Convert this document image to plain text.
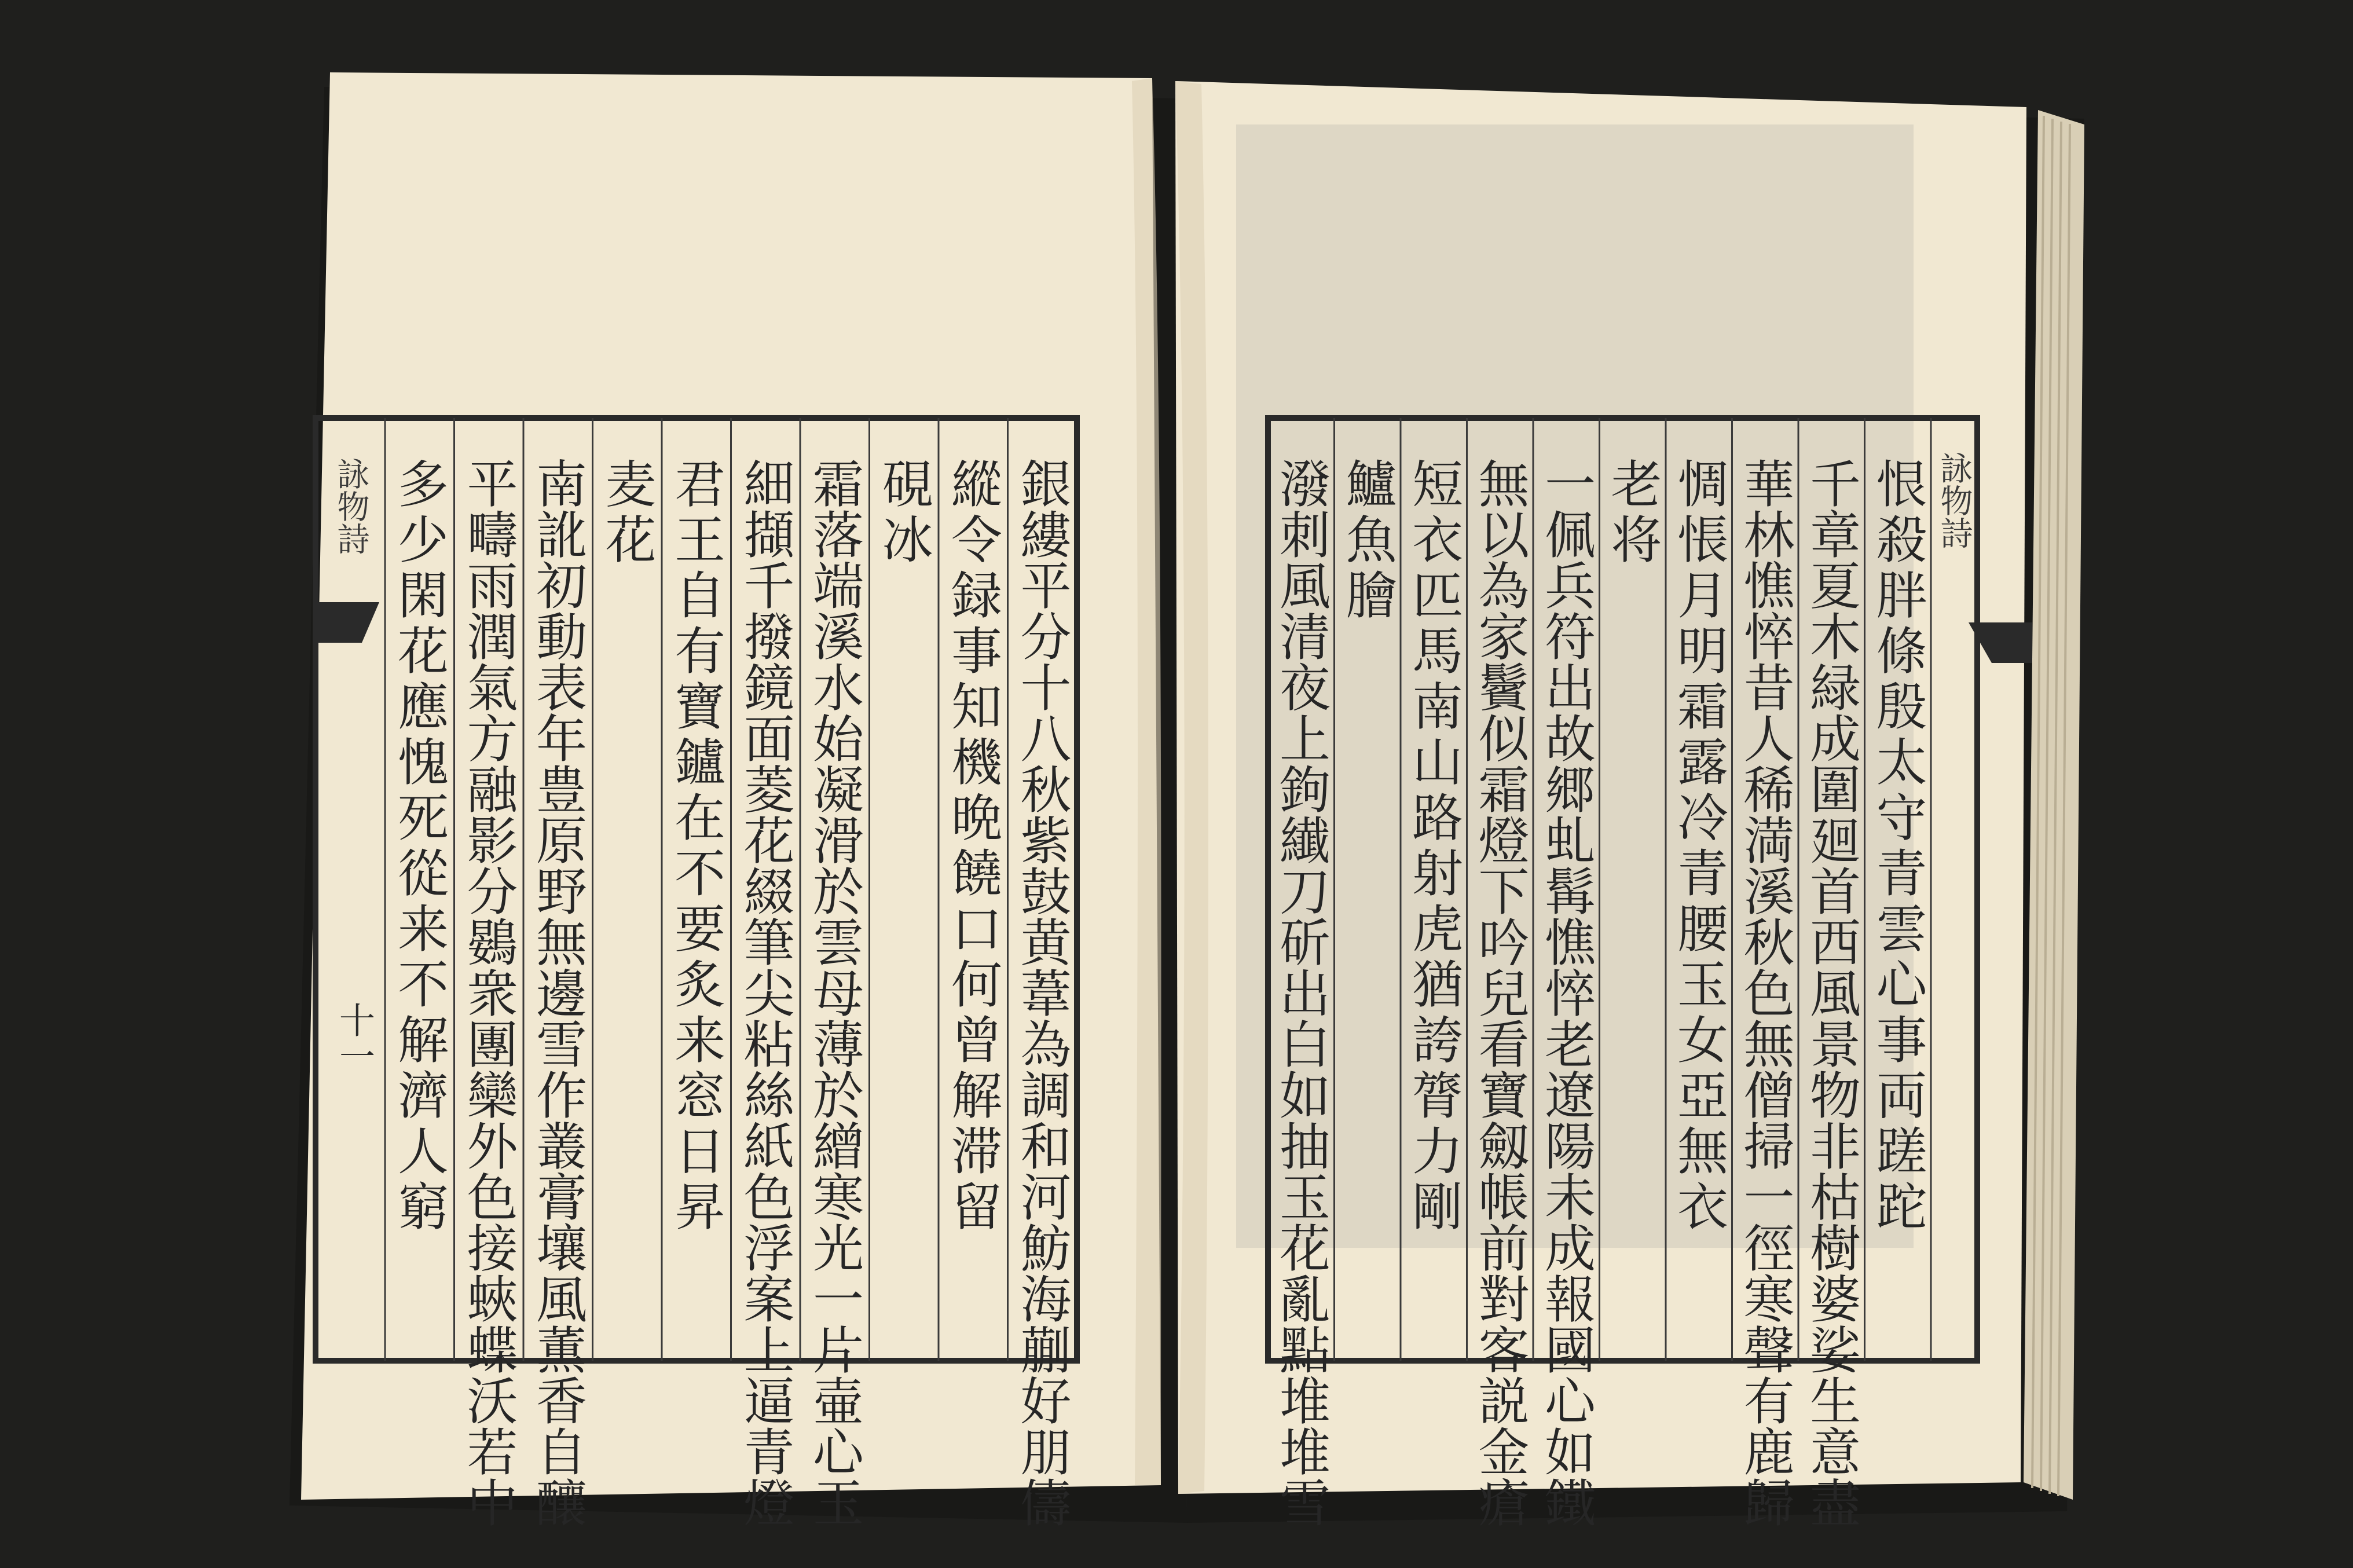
詠物詩
十一
詠物詩
銀縷平分十八秋紫鼓黄葦為調和河魴海蒯好朋儔
縱令録事知機晩饒口何曾解滞留
硯冰
霜落端溪水始凝滑於雲母薄於繒寒光一片壷心玉
細擷千撥鏡面菱花綴筆尖粘絲紙色浮案上逼青燈
君王自有寶鑪在不要炙来窓日昇
麦花
南訛初動表年豊原野無邊雪作叢膏壤風薫香自釀
平疇雨潤氣方融影分鷃衆團欒外色接蛺蝶沃若中
多少閑花應愧死從来不解濟人窮	恨殺胖條殷太守青雲心事両蹉跎
千章夏木緑成圍廻首西風景物非枯樹婆娑生意盡
華林憔悴昔人稀満溪秋色無僧掃一徑寒聲有鹿歸
惆悵月明霜露冷青腰玉女亞無衣
老将
一佩兵符出故郷虬髯憔悴老遼陽未成報國心如鐵
無以為家鬢似霜燈下吟兒看寶劔帳前對客説金瘡
短衣匹馬南山路射虎猶誇膂力剛
鱸魚膾
潑刺風清夜上鉤纎刀斫出白如抽玉花亂點堆堆雪
